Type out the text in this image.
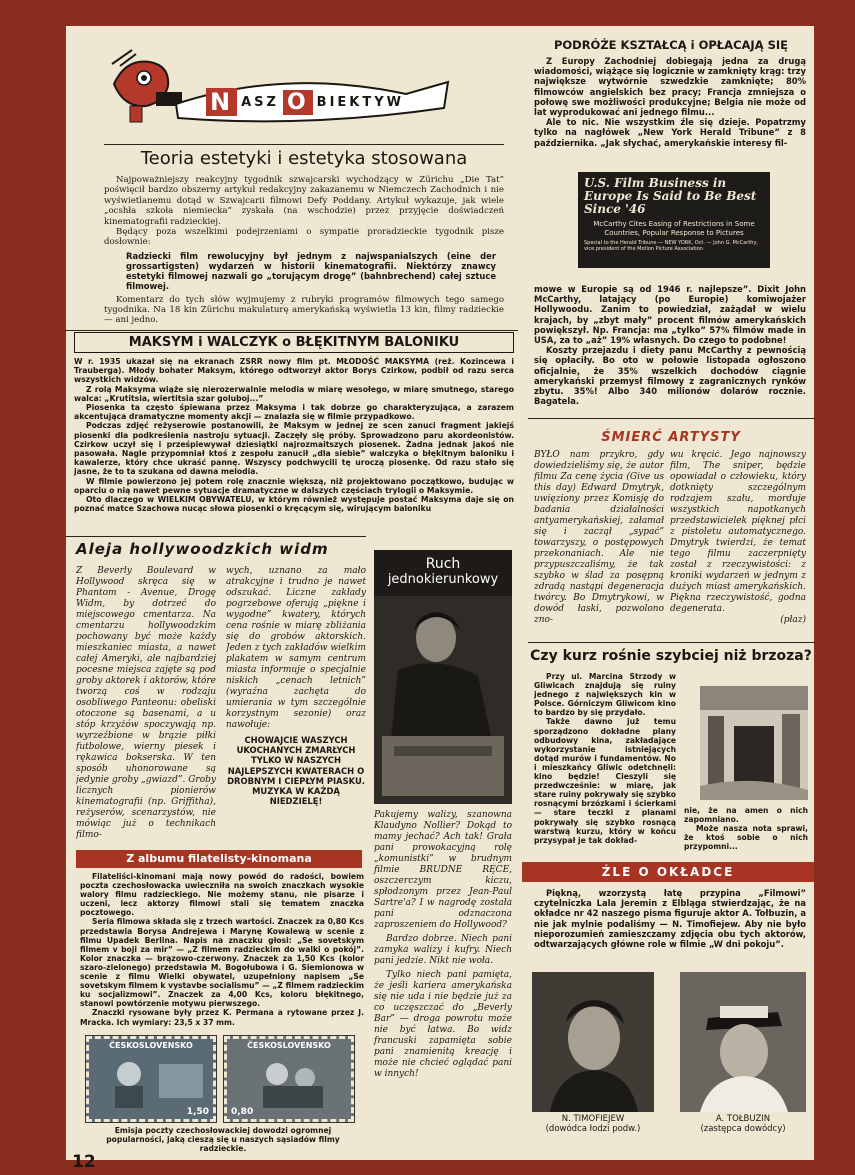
N ASZ O BIEKTYW
Teoria estetyki i estetyka stosowana

Najpoważniejszy reakcyjny tygodnik szwajcarski wychodzący w Zürichu „Die Tat” poświęcił bardzo obszerny artykuł redakcyjny zakazanemu w Niemczech Zachodnich i nie wyświetlanemu dotąd w Szwajcarii filmowi Defy Poddany. Artykuł wykazuje, jak wiele „ocshła szkoła niemiecka” zyskała (na wschodzie) przez przyjęcie doświadczeń kinematografii radzieckiej.

Będący poza wszelkimi podejrzeniami o sympatie proradzieckie tygodnik pisze dosłownie:

Radziecki film rewolucyjny był jednym z najwspanialszych (eine der grossartigsten) wydarzeń w historii kinematografii. Niektórzy znawcy estetyki filmowej nazwali go „torującym drogę” (bahnbrechend) całej sztuce filmowej.

Komentarz do tych słów wyjmujemy z rubryki programów filmowych tego samego tygodnika. Na 18 kin Zürichu makulaturę amerykańską wyświetla 13 kin, filmy radzieckie — ani jedno.

MAKSYM i WALCZYK o BŁĘKITNYM BALONIKU

W r. 1935 ukazał się na ekranach ZSRR nowy film pt. MŁODOŚĆ MAKSYMA (reż. Kozincewa i Trauberga). Młody bohater Maksym, którego odtworzył aktor Borys Czirkow, podbił od razu serca wszystkich widzów.

Z rolą Maksyma wiąże się nierozerwalnie melodia w miarę wesołego, w miarę smutnego, starego walca: „Krutitsia, wiertitsia szar goluboj...”

Piosenka ta często śpiewana przez Maksyma i tak dobrze go charakteryzująca, a zarazem akcentująca dramatyczne momenty akcji — znalazła się w filmie przypadkowo.

Podczas zdjęć reżyserowie postanowili, że Maksym w jednej ze scen zanuci fragment jakiejś piosenki dla podkreślenia nastroju sytuacji. Zaczęły się próby. Sprowadzono paru akordeonistów. Czirkow uczył się i prześpiewywał dziesiątki najrozmaitszych piosenek. Żadna jednak jakoś nie pasowała. Nagle przypomniał ktoś z zespołu zanucił „dla siebie” walczyka o błękitnym baloniku i kawalerze, który chce ukraść pannę. Wszyscy podchwycili tę uroczą piosenkę. Od razu stało się jasne, że to ta szukana od dawna melodia.

W filmie powierzono jej potem rolę znacznie większą, niż projektowano początkowo, budując w oparciu o nią nawet pewne sytuacje dramatyczne w dalszych częściach trylogii o Maksymie.

Oto dlaczego w WIELKIM OBYWATELU, w którym również występuje postać Maksyma daje się on poznać matce Szachowa nucąc słowa piosenki o kręcącym się, wirującym baloniku

Aleja hollywoodzkich widm
Z Beverly Boulevard w Hollywood skręca się w Phantom - Avenue, Drogę Widm, by dotrzeć do miejscowego cmentarza. Na cmentarzu hollywoodzkim pochowany być może każdy mieszkaniec miasta, a nawet całej Ameryki, ale najbardziej pocesne miejsca zajęte są pod groby aktorek i aktorów, które tworzą coś w rodzaju osobliwego Panteonu: obeliski otoczone są basenami, a u stóp krzyżów spoczywają np. wyrzeźbione w brązie piłki futbolowe, wierny piesek i rękawica bokserska. W ten sposób uhonorowane są jedynie groby „gwiazd”. Groby licznych pionierów kinematografii (np. Griffitha), reżyserów, scenarzystów, nie mówiąc już o technikach filmo-

wych, uznano za mało atrakcyjne i trudno je nawet odszukać. Liczne zakłady pogrzebowe oferują „piękne i wygodne” kwatery, których cena rośnie w miarę zbliżania się do grobów aktorskich. Jeden z tych zakładów wielkim plakatem w samym centrum miasta informuje o specjalnie niskich „cenach letnich” (wyraźna zachęta do umierania w tym szczególnie korzystnym sezonie) oraz nawołuje:

CHOWAJCIE WASZYCH UKOCHANYCH ZMARŁYCH TYLKO W NASZYCH NAJLEPSZYCH KWATERACH O DROBNYM I CIEPŁYM PIASKU. MUZYKA W KAŻDĄ NIEDZIELĘ!

Ruch
jednokierunkowy

Pakujemy walizy, szanowna Klaudyno Nollier? Dokąd to mamy jechać? Ach tak! Grała pani prowokacyjną rolę „komunistki” w brudnym filmie BRUDNE RĘCE, oszczerczym kiczu, spłodzonym przez Jean-Paul Sartre'a? I w nagrodę została pani odznaczona zaproszeniem do Hollywood?

Bardzo dobrze. Niech pani zamyka walizy i kufry. Niech pani jedzie. Nikt nie woła.

Tylko niech pani pamięta, że jeśli kariera amerykańska się nie uda i nie będzie już za co uczęszczać do „Beverly Bar” — droga powrotu może nie być łatwa. Bo widz francuski zapamięta sobie pani znamienitą kreację i może nie chcieć oglądać pani w innych!

Z albumu filatelisty-kinomana

Filateliści-kinomani mają nowy powód do radości, bowiem poczta czechosłowacka uwieczniła na swoich znaczkach wysokie walory filmu radzieckiego. Nie możemy stanu, nie pisarze i uczeni, lecz aktorzy filmowi stali się tematem znaczka pocztowego.

Seria filmowa składa się z trzech wartości. Znaczek za 0,80 Kcs przedstawia Borysa Andrejewa i Marynę Kowalewą w scenie z filmu Upadek Berlina. Napis na znaczku głosi: „Se sovetskym filmem v boji za mir” — „Z filmem radzieckim do walki o pokój”. Kolor znaczka — brązowo-czerwony. Znaczek za 1,50 Kcs (kolor szaro-zielonego) przedstawia M. Bogołubowa i G. Siemionowa w scenie z filmu Wielki obywatel, uzupełniony napisem „Se sovetskym filmem k vystavbe socialismu” — „Z filmem radzieckim ku socjalizmowi”. Znaczek za 4,00 Kcs, koloru błękitnego, stanowi powtórzenie motywu pierwszego.

Znaczki rysowane były przez K. Permana a rytowane przez J. Mracka. Ich wymiary: 23,5 x 37 mm.

ČESKOSLOVENSKO
1,50
ČESKOSLOVENSKO
0,80

Emisja poczty czechosłowackiej dowodzi ogromnej popularności, jaką cieszą się u naszych sąsiadów filmy radzieckie.

PODRÓŻE KSZTAŁCĄ i OPŁACAJĄ SIĘ

Z Europy Zachodniej dobiegają jedna za drugą wiadomości, wiążące się logicznie w zamknięty krąg: trzy największe wytwórnie szwedzkie zamknięte; 80% filmowców angielskich bez pracy; Francja zmniejsza o połowę swe możliwości produkcyjne; Belgia nie może od lat wyprodukować ani jednego filmu...

Ale to nic. Nie wszystkim źle się dzieje. Popatrzmy tylko na nagłówek „New York Herald Tribune” z 8 października. „Jak słychać, amerykańskie interesy fil-

U.S. Film Business in Europe Is Said to Be Best Since '46
McCarthy Cites Easing of Restrictions in Some Countries, Popular Response to Pictures
Special to the Herald Tribune — NEW YORK, Oct. — John G. McCarthy, vice president of the Motion Picture Association

mowe w Europie są od 1946 r. najlepsze”. Dixit John McCarthy, latający (po Europie) komiwojażer Hollywoodu. Zanim to powiedział, zażądał w wielu krajach, by „zbyt mały” procent filmów amerykańskich powiększył. Np. Francja: ma „tylko” 57% filmów made in USA, za to „aż” 19% własnych. Do czego to podobne!

Koszty przejazdu i diety panu McCarthy z pewnością się opłaciły. Bo oto w połowie listopada ogłoszono oficjalnie, że 35% wszelkich dochodów ciągnie amerykański przemysł filmowy z zagranicznych rynków zbytu. 35%! Albo 340 milionów dolarów rocznie. Bagatela.

ŚMIERĆ ARTYSTY
BYŁO nam przykro, gdy dowiedzieliśmy się, że autor filmu Za cenę życia (Give us this day) Edward Dmytryk, uwięziony przez Komisję do badania działalności antyamerykańskiej, załamał się i zaczął „sypać” towarzyszy, o postępowych przekonaniach. Ale nie przypuszczaliśmy, że tak szybko w ślad za posępną zdradą nastąpi degeneracja twórcy. Bo Dmytrykowi, w dowód łaski, pozwolono zno-

wu kręcić. Jego najnowszy film, The sniper, będzie opowiadał o człowieku, który dotknięty szczególnym rodzajem szału, morduje wszystkich napotkanych przedstawicielek pięknej płci z pistoletu automatycznego. Dmytryk twierdzi, że temat tego filmu zaczerpnięty został z rzeczywistości: z kroniki wydarzeń w jednym z dużych miast amerykańskich. Piękna rzeczywistość, godna degeneratа.

(płaz)

Czy kurz rośnie szybciej niż brzoza?

Przy ul. Marcina Strzody w Gliwicach znajdują się ruiny jednego z największych kin w Polsce. Górniczym Gliwicom kino to bardzo by się przydało.

Także dawno już temu sporządzono dokładne plany odbudowy kina, zakładające wykorzystanie istniejących dotąd murów i fundamentów. No i mieszkańcy Gliwic odetchnęli: kino będzie! Cieszyli się przedwcześnie: w miarę, jak stare ruiny pokrywały się szybko rosnącymi brzózkami i ścierkami — stare teczki z planami pokrywały się szybko rosnącą warstwą kurzu, który w końcu przysypał je tak dokład-

nie, że na amen o nich zapomniano.

Może nasza nota sprawi, że ktoś sobie o nich przypomni...

ŹLE O OKŁADCE

Piękną, wzorzystą łatę przypina „Filmowi” czytelniczka Lala Jeremin z Elbląga stwierdzając, że na okładce nr 42 naszego pisma figuruje aktor A. Tołbuzin, a nie jak mylnie podaliśmy — N. Timofiejew. Aby nie było nieporozumień zamieszczamy zdjęcia obu tych aktorów, odtwarzających główne role w filmie „W dni pokoju”.

N. TIMOFIEJEW
(dowódca łodzi podw.)
A. TOŁBUZIN
(zastępca dowódcy)
12
